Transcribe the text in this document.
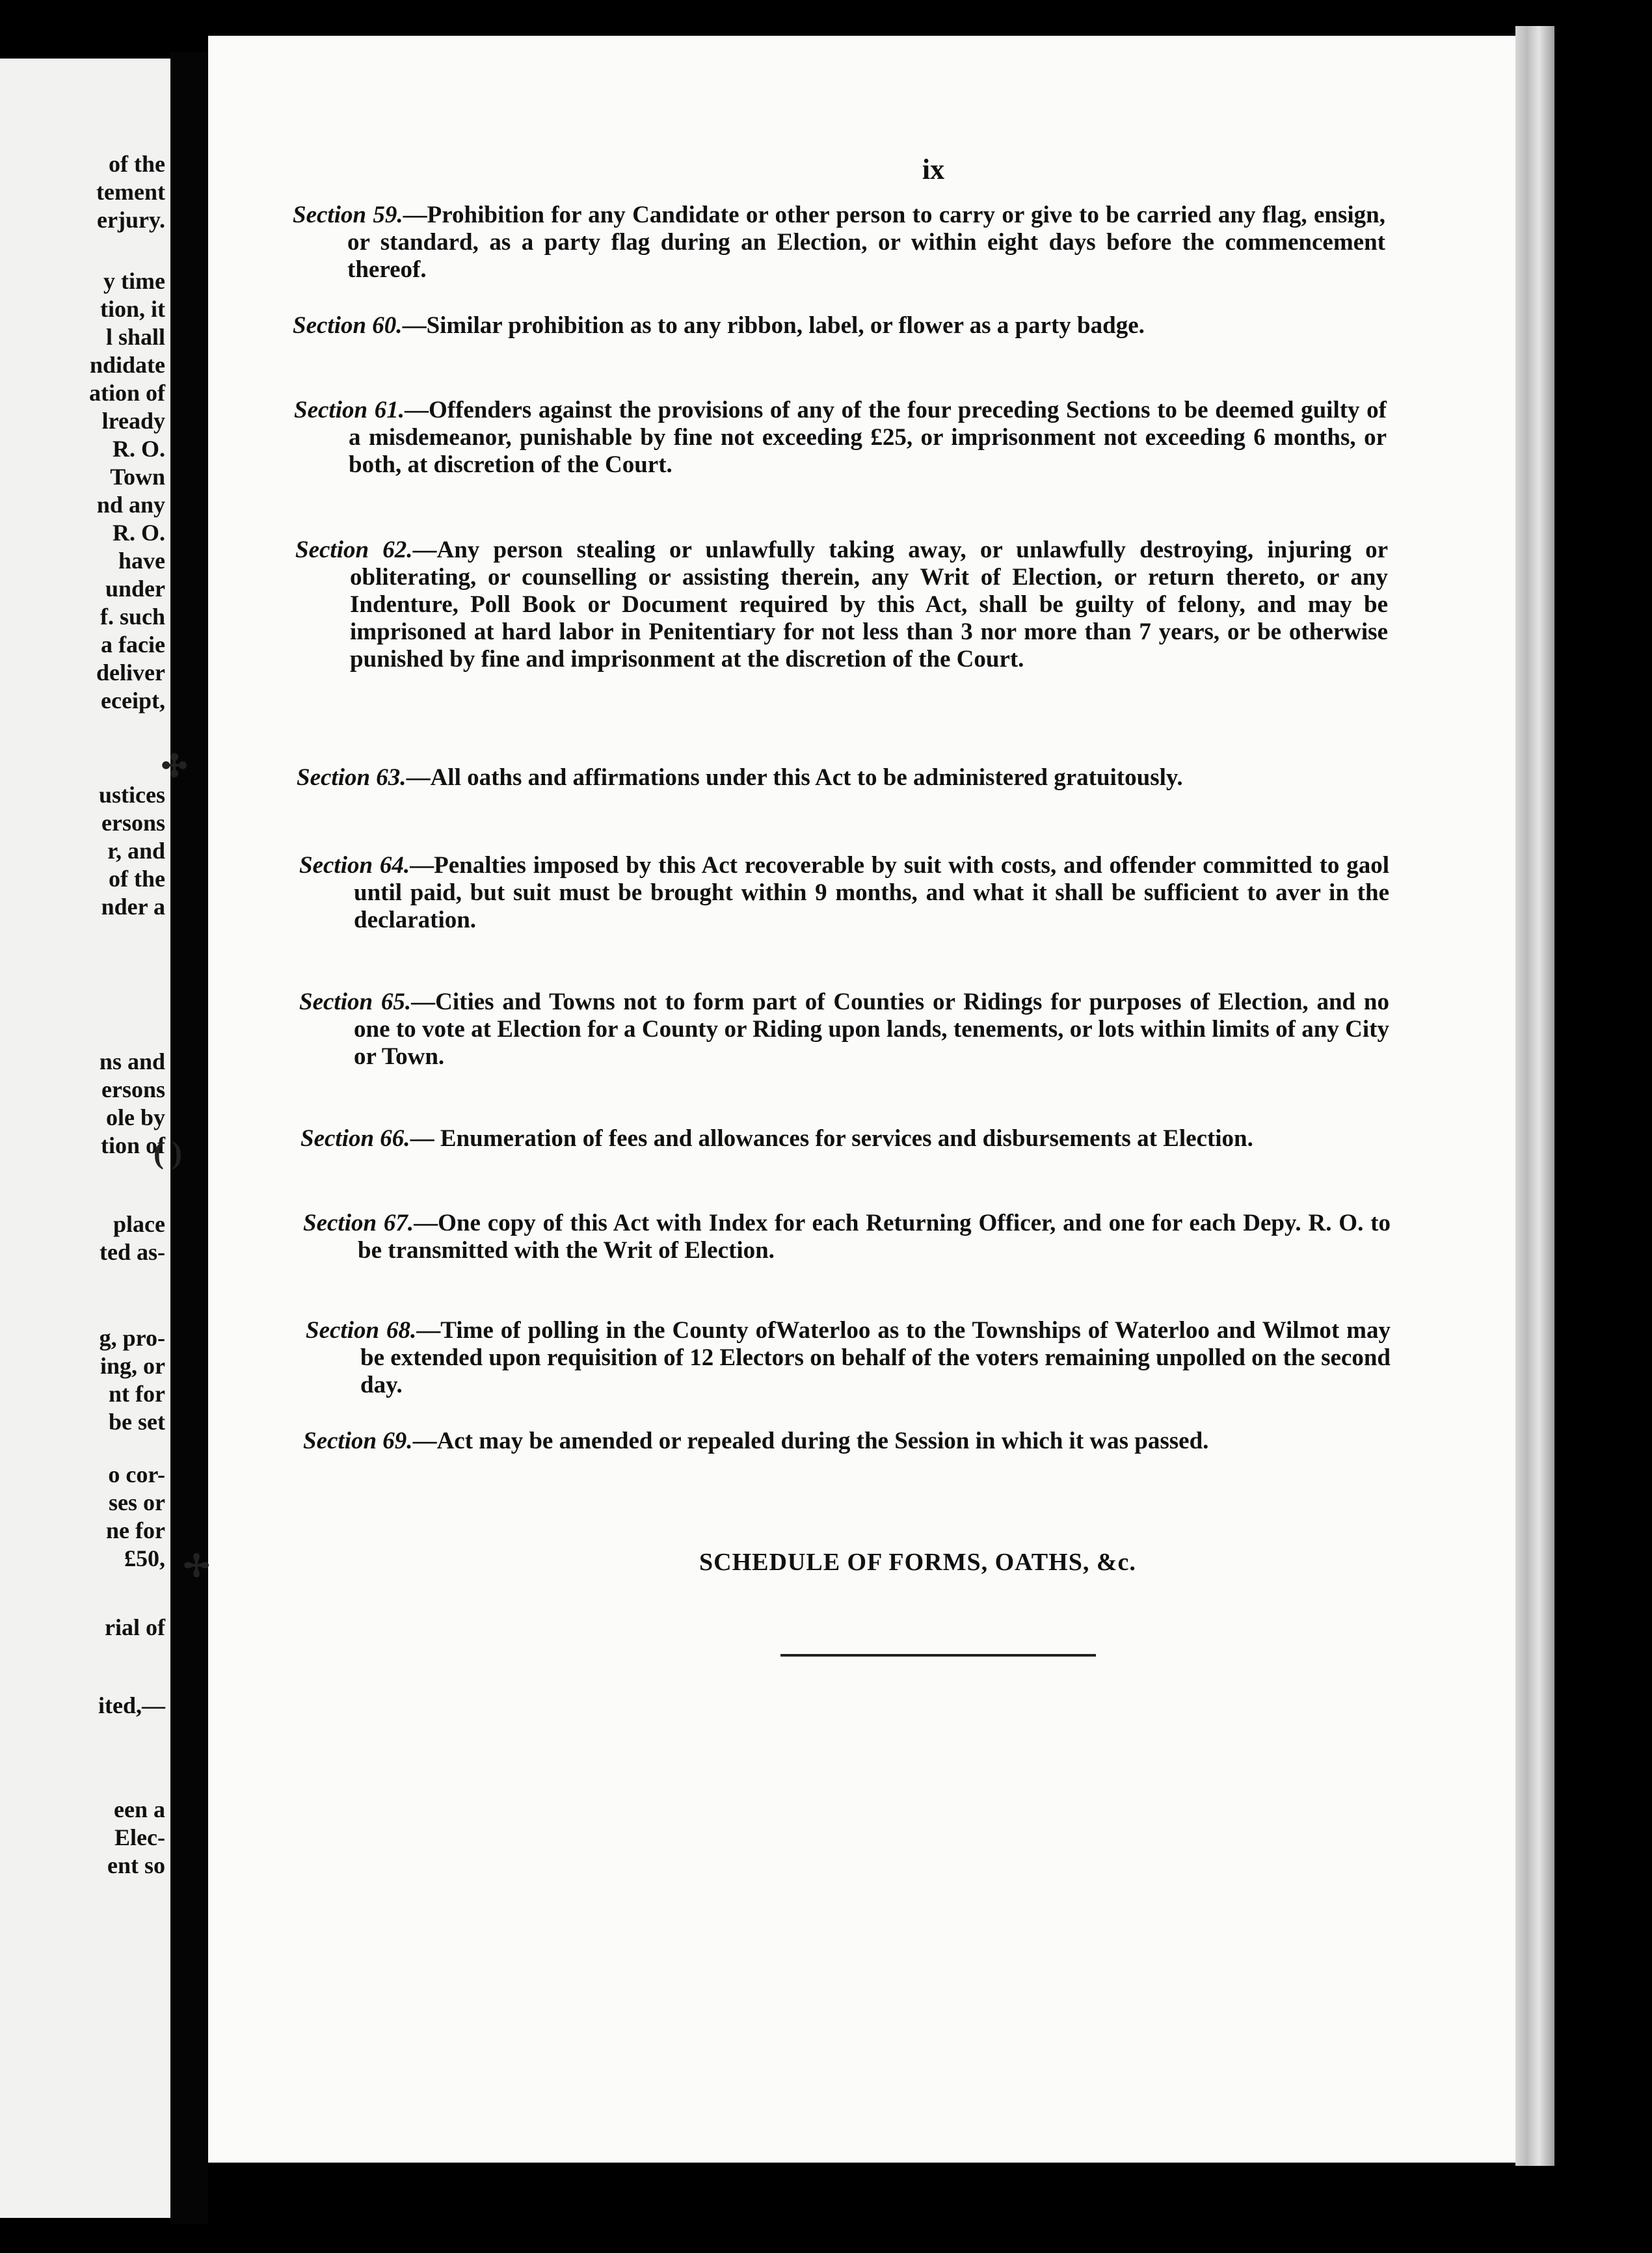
of the
tement
erjury.
y time
tion, it
l shall
ndidate
ation of
lready
R. O.
Town
nd any
R. O.
have
under
f. such
a facie
deliver
eceipt,
ustices
ersons
r, and
of the
nder a
ns and
ersons
ole by
tion of
place
ted as-
g, pro-
ing, or
nt for
be set
o cor-
ses or
ne for
£50,
rial of
ited,—
een a
Elec-
ent so
ix
Section 59.—Prohibition for any Candidate or other person to carry or give to be carried any flag, ensign, or standard, as a party flag during an Election, or within eight days before the commencement thereof.
Section 60.—Similar prohibition as to any ribbon, label, or flower as a party badge.
Section 61.—Offenders against the provisions of any of the four preceding Sections to be deemed guilty of a misdemeanor, punishable by fine not exceeding £25, or imprisonment not exceeding 6 months, or both, at discretion of the Court.
Section 62.—Any person stealing or unlawfully taking away, or unlawfully destroying, injuring or obliterating, or counselling or assisting therein, any Writ of Election, or return thereto, or any Indenture, Poll Book or Document required by this Act, shall be guilty of felony, and may be imprisoned at hard labor in Penitentiary for not less than 3 nor more than 7 years, or be otherwise punished by fine and imprisonment at the discretion of the Court.
Section 63.—All oaths and affirmations under this Act to be administered gratuitously.
Section 64.—Penalties imposed by this Act recoverable by suit with costs, and offender committed to gaol until paid, but suit must be brought within 9 months, and what it shall be sufficient to aver in the declaration.
Section 65.—Cities and Towns not to form part of Counties or Ridings for purposes of Election, and no one to vote at Election for a County or Riding upon lands, tenements, or lots within limits of any City or Town.
Section 66.— Enumeration of fees and allowances for services and disbursements at Election.
Section 67.—One copy of this Act with Index for each Returning Officer, and one for each Depy. R. O. to be transmitted with the Writ of Election.
Section 68.—Time of polling in the County ofWaterloo as to the Townships of Waterloo and Wilmot may be extended upon requisition of 12 Electors on behalf of the voters remaining unpolled on the second day.
Section 69.—Act may be amended or repealed during the Session in which it was passed.
SCHEDULE OF FORMS, OATHS, &c.
✣
( )
✢
